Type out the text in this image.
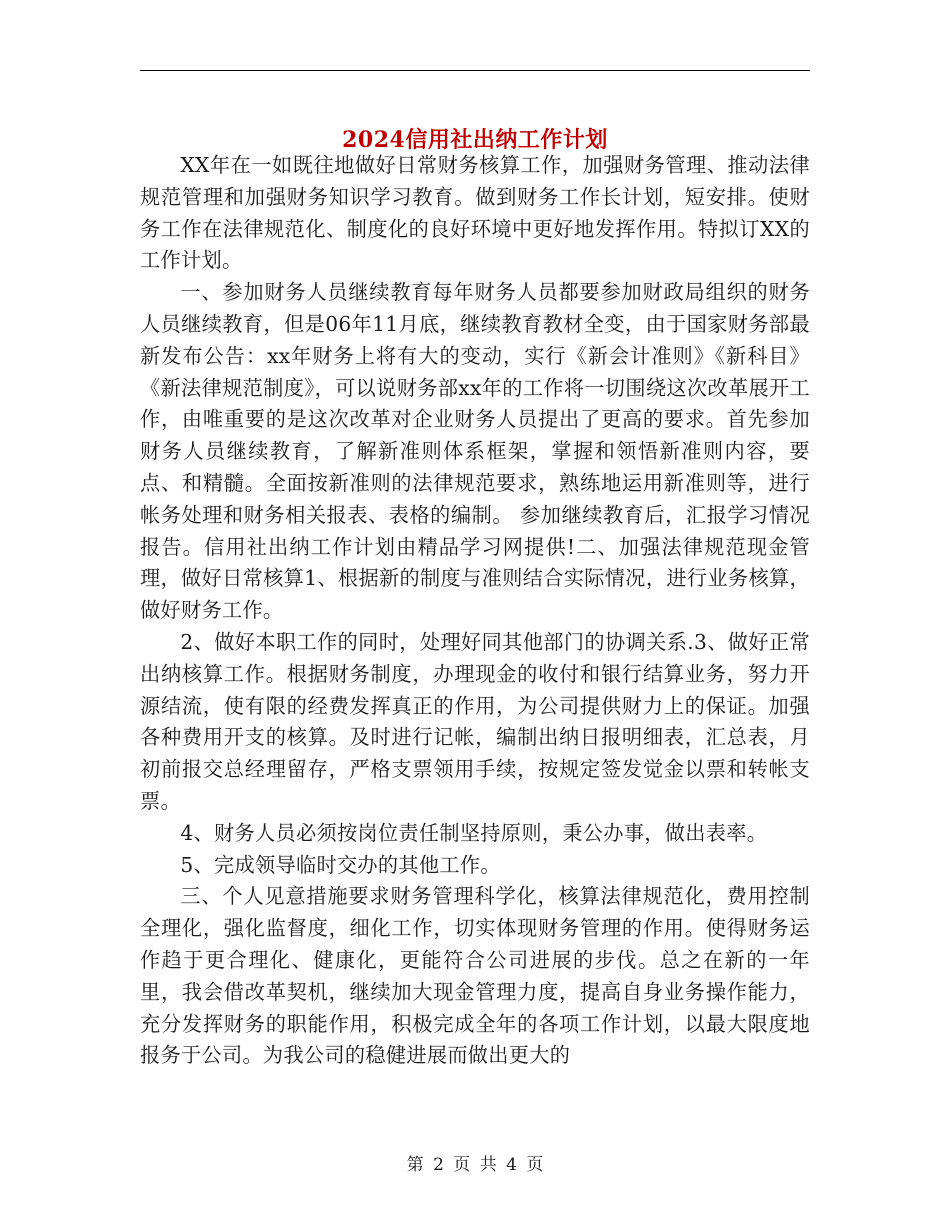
2024信用社出纳工作计划

XX年在一如既往地做好日常财务核算工作，加强财务管理、推动法律规范管理和加强财务知识学习教育。做到财务工作长计划，短安排。使财务工作在法律规范化、制度化的良好环境中更好地发挥作用。特拟订XX的工作计划。

一、参加财务人员继续教育每年财务人员都要参加财政局组织的财务人员继续教育，但是06年11月底，继续教育教材全变，由于国家财务部最新发布公告：xx年财务上将有大的变动，实行《新会计准则》《新科目》《新法律规范制度》，可以说财务部xx年的工作将一切围绕这次改革展开工作，由唯重要的是这次改革对企业财务人员提出了更高的要求。首先参加财务人员继续教育，了解新准则体系框架，掌握和领悟新准则内容，要点、和精髓。全面按新准则的法律规范要求，熟练地运用新准则等，进行帐务处理和财务相关报表、表格的编制。 参加继续教育后，汇报学习情况报告。信用社出纳工作计划由精品学习网提供!二、加强法律规范现金管理，做好日常核算1、根据新的制度与准则结合实际情况，进行业务核算，做好财务工作。

2、做好本职工作的同时，处理好同其他部门的协调关系.3、做好正常出纳核算工作。根据财务制度，办理现金的收付和银行结算业务，努力开源结流，使有限的经费发挥真正的作用，为公司提供财力上的保证。加强各种费用开支的核算。及时进行记帐，编制出纳日报明细表，汇总表，月初前报交总经理留存，严格支票领用手续，按规定签发觉金以票和转帐支票。

4、财务人员必须按岗位责任制坚持原则，秉公办事，做出表率。

5、完成领导临时交办的其他工作。

三、个人见意措施要求财务管理科学化，核算法律规范化，费用控制全理化，强化监督度，细化工作，切实体现财务管理的作用。使得财务运作趋于更合理化、健康化，更能符合公司进展的步伐。总之在新的一年里，我会借改革契机，继续加大现金管理力度，提高自身业务操作能力，充分发挥财务的职能作用，积极完成全年的各项工作计划，以最大限度地报务于公司。为我公司的稳健进展而做出更大的

第 2 页 共 4 页
